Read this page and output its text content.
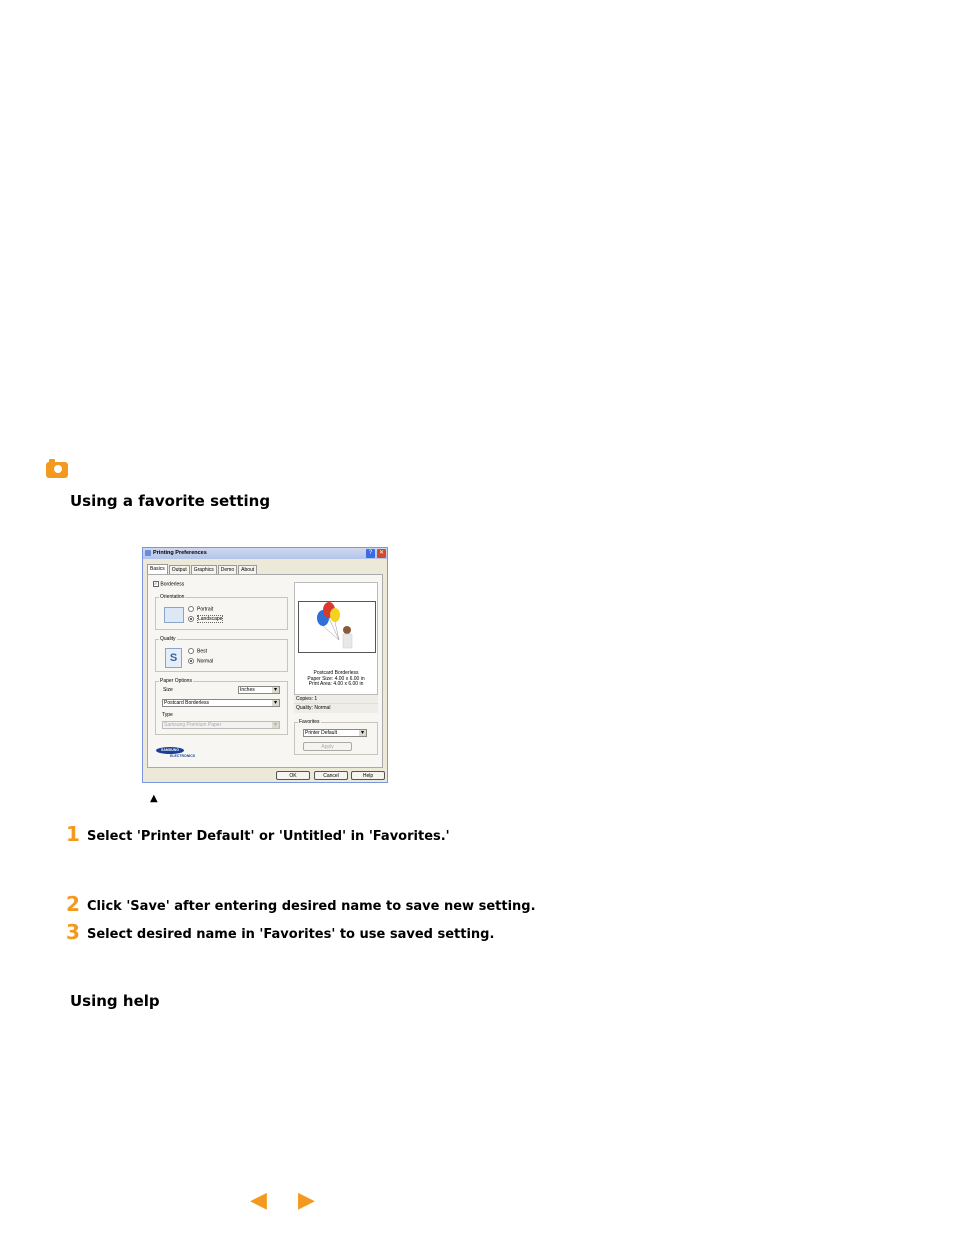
Using a favorite setting
Printing Preferences	?	✕
Basics	Output	Graphics	Demo	About
✓ Borderless
Orientation
Portrait
Landscape
Quality
S
Best
Normal
Paper Options
Size	Inches ▾
Postcard Borderless ▾
Type
Samsung Premium Paper ▾
SAMSUNG
ELECTRONICS
Postcard Borderless
Paper Size: 4.00 x 6.00 in
Print Area: 4.00 x 6.00 in
Copies: 1
Quality: Normal
Favorites
Printer Default ▾
Apply
OK	Cancel	Help
▲
1 Select 'Printer Default' or 'Untitled' in 'Favorites.'
2 Click 'Save' after entering desired name to save new setting.
3 Select desired name in 'Favorites' to use saved setting.
Using help
◀ ▶
